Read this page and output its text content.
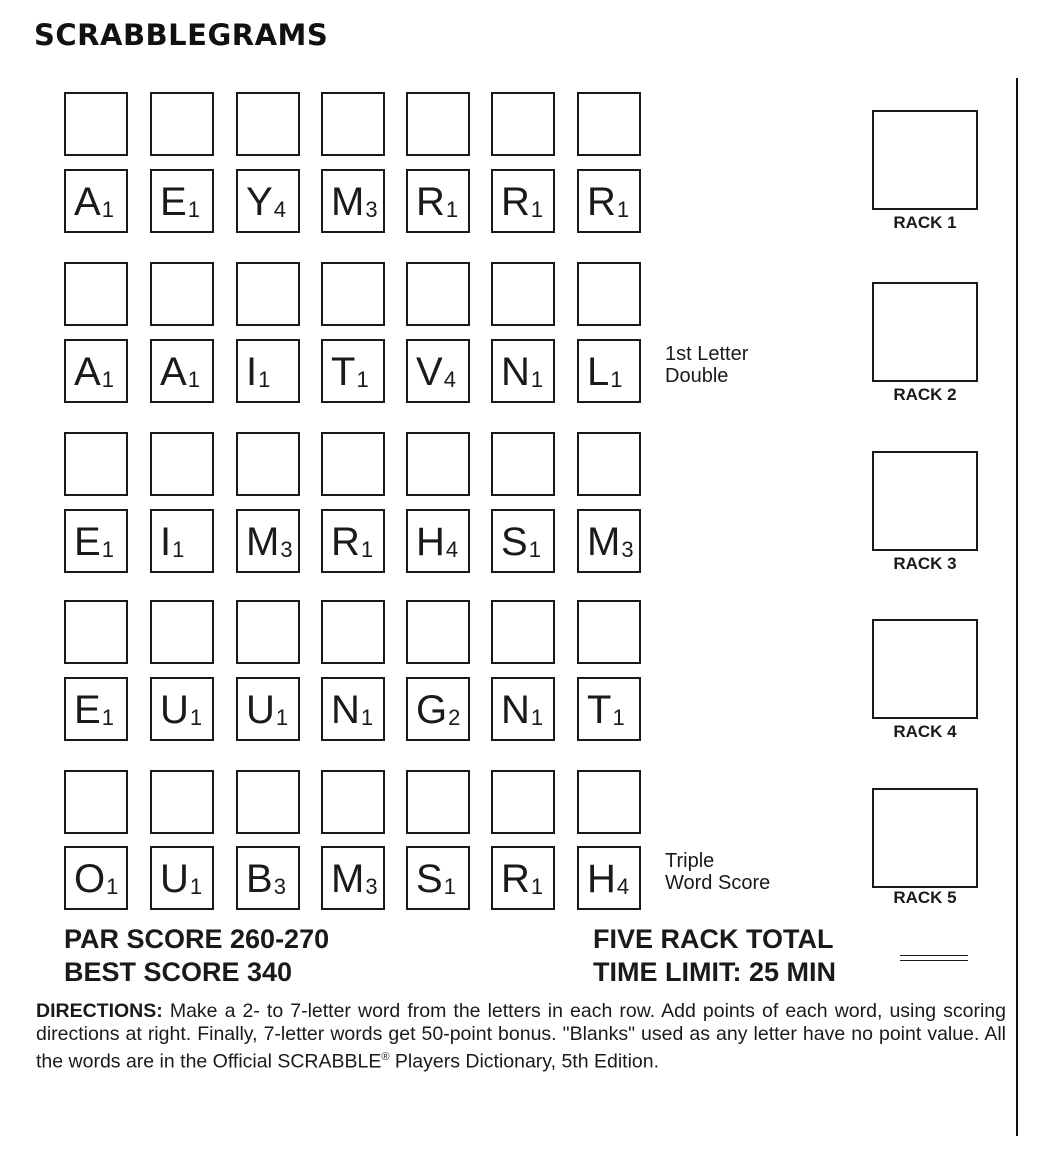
SCRABBLEGRAMS
A1 E1 Y4 M3 R1 R1 R1
A1 A1 I1 T1 V4 N1 L1
1st Letter
Double
E1 I1 M3 R1 H4 S1 M3
E1 U1 U1 N1 G2 N1 T1
O1 U1 B3 M3 S1 R1 H4
Triple
Word Score
RACK 1
RACK 2
RACK 3
RACK 4
RACK 5
PAR SCORE 260-270
BEST SCORE 340
FIVE RACK TOTAL
TIME LIMIT: 25 MIN
DIRECTIONS: Make a 2- to 7-letter word from the letters in each row. Add points of each word, using scoring directions at right. Finally, 7-letter words get 50-point bonus. "Blanks" used as any letter have no point value. All the words are in the Official SCRABBLE® Players Dictionary, 5th Edition.
